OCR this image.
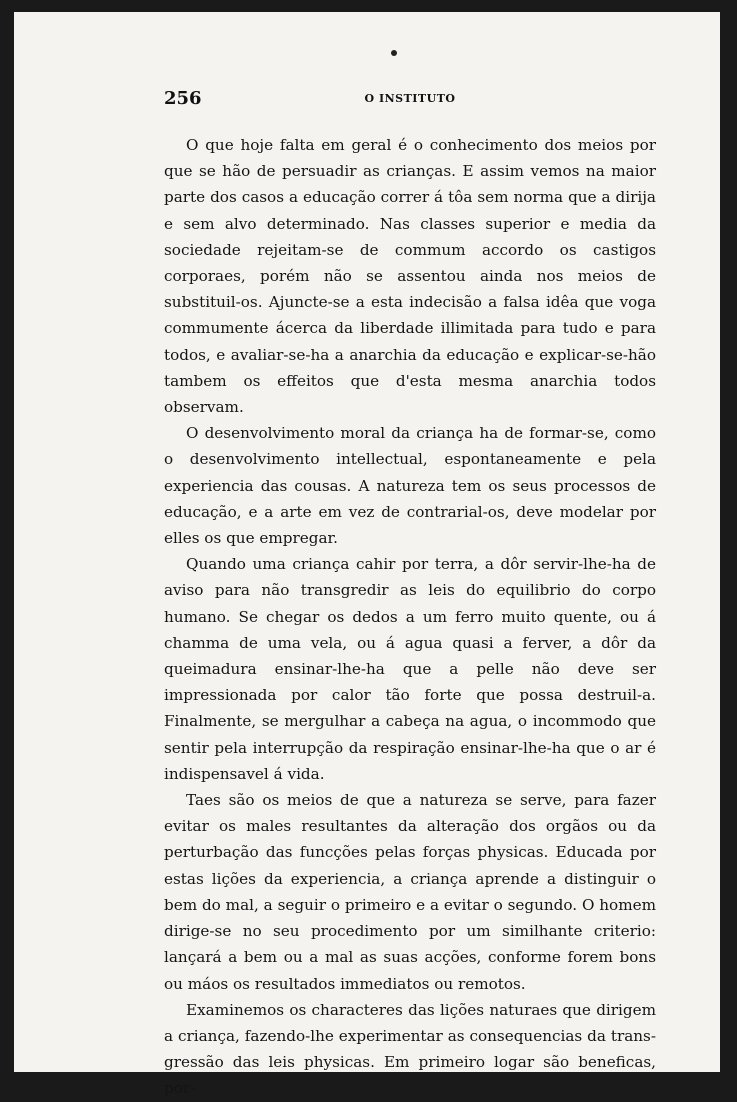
256	O INSTITUTO

O que hoje falta em geral é o conhecimento dos meios por que se hão de persuadir as crianças. E assim vemos na maior parte dos casos a educação correr á tôa sem norma que a dirija e sem alvo determinado. Nas classes superior e media da sociedade rejeitam-se de commum accordo os castigos corporaes, porém não se assentou ainda nos meios de substituil-os. Ajuncte-se a esta indecisão a falsa idêa que voga commumente ácerca da liberdade illimitada para tudo e para todos, e avaliar-se-ha a anarchia da educação e explicar-se-hão tambem os effeitos que d'esta mesma anarchia todos observam.

O desenvolvimento moral da criança ha de formar-se, como o desenvolvimento intellectual, espontaneamente e pela experiencia das cousas. A natureza tem os seus processos de educação, e a arte em vez de contrarial-os, deve modelar por elles os que empregar.

Quando uma criança cahir por terra, a dôr servir-lhe-ha de aviso para não transgredir as leis do equilibrio do corpo humano. Se chegar os dedos a um ferro muito quente, ou á chamma de uma vela, ou á agua quasi a ferver, a dôr da queimadura ensinar-lhe-ha que a pelle não deve ser impressionada por calor tão forte que possa destruil-a. Finalmente, se mergulhar a cabeça na agua, o incommodo que sentir pela interrupção da respiração ensinar-lhe-ha que o ar é indispensavel á vida.

Taes são os meios de que a natureza se serve, para fazer evitar os males resultantes da alteração dos orgãos ou da perturbação das funcções pelas forças physicas. Educada por estas lições da experiencia, a criança aprende a distinguir o bem do mal, a seguir o primeiro e a evitar o segundo. O homem dirige-se no seu procedimento por um similhante criterio: lançará a bem ou a mal as suas acções, conforme forem bons ou máos os resultados immediatos ou remotos.

Examinemos os characteres das lições naturaes que dirigem a criança, fazendo-lhe experimentar as consequencias da transgressão das leis physicas. Em primeiro logar são beneficas, por-
